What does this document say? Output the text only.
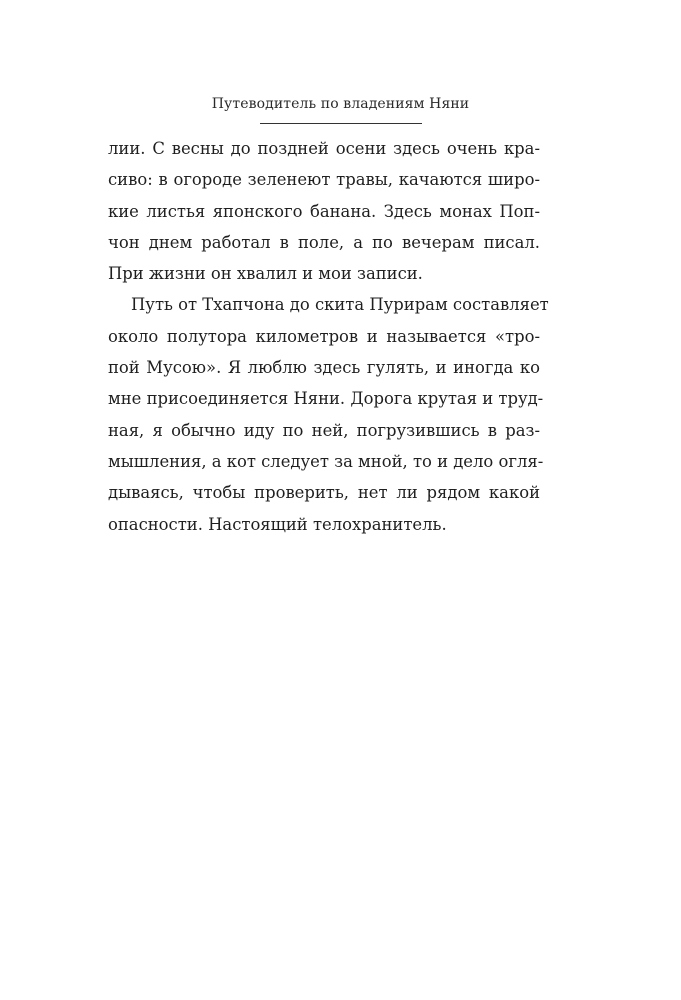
Путеводитель по владениям Няни
лии. С весны до поздней осени здесь очень кра-
сиво: в огороде зеленеют травы, качаются широ-
кие листья японского банана. Здесь монах Поп-
чон днем работал в поле, а по вечерам писал.
При жизни он хвалил и мои записи.
Путь от Тхапчона до скита Пурирам составляет
около полутора километров и называется «тро-
пой Мусою». Я люблю здесь гулять, и иногда ко
мне присоединяется Няни. Дорога крутая и труд-
ная, я обычно иду по ней, погрузившись в раз-
мышления, а кот следует за мной, то и дело огля-
дываясь, чтобы проверить, нет ли рядом какой
опасности. Настоящий телохранитель.
